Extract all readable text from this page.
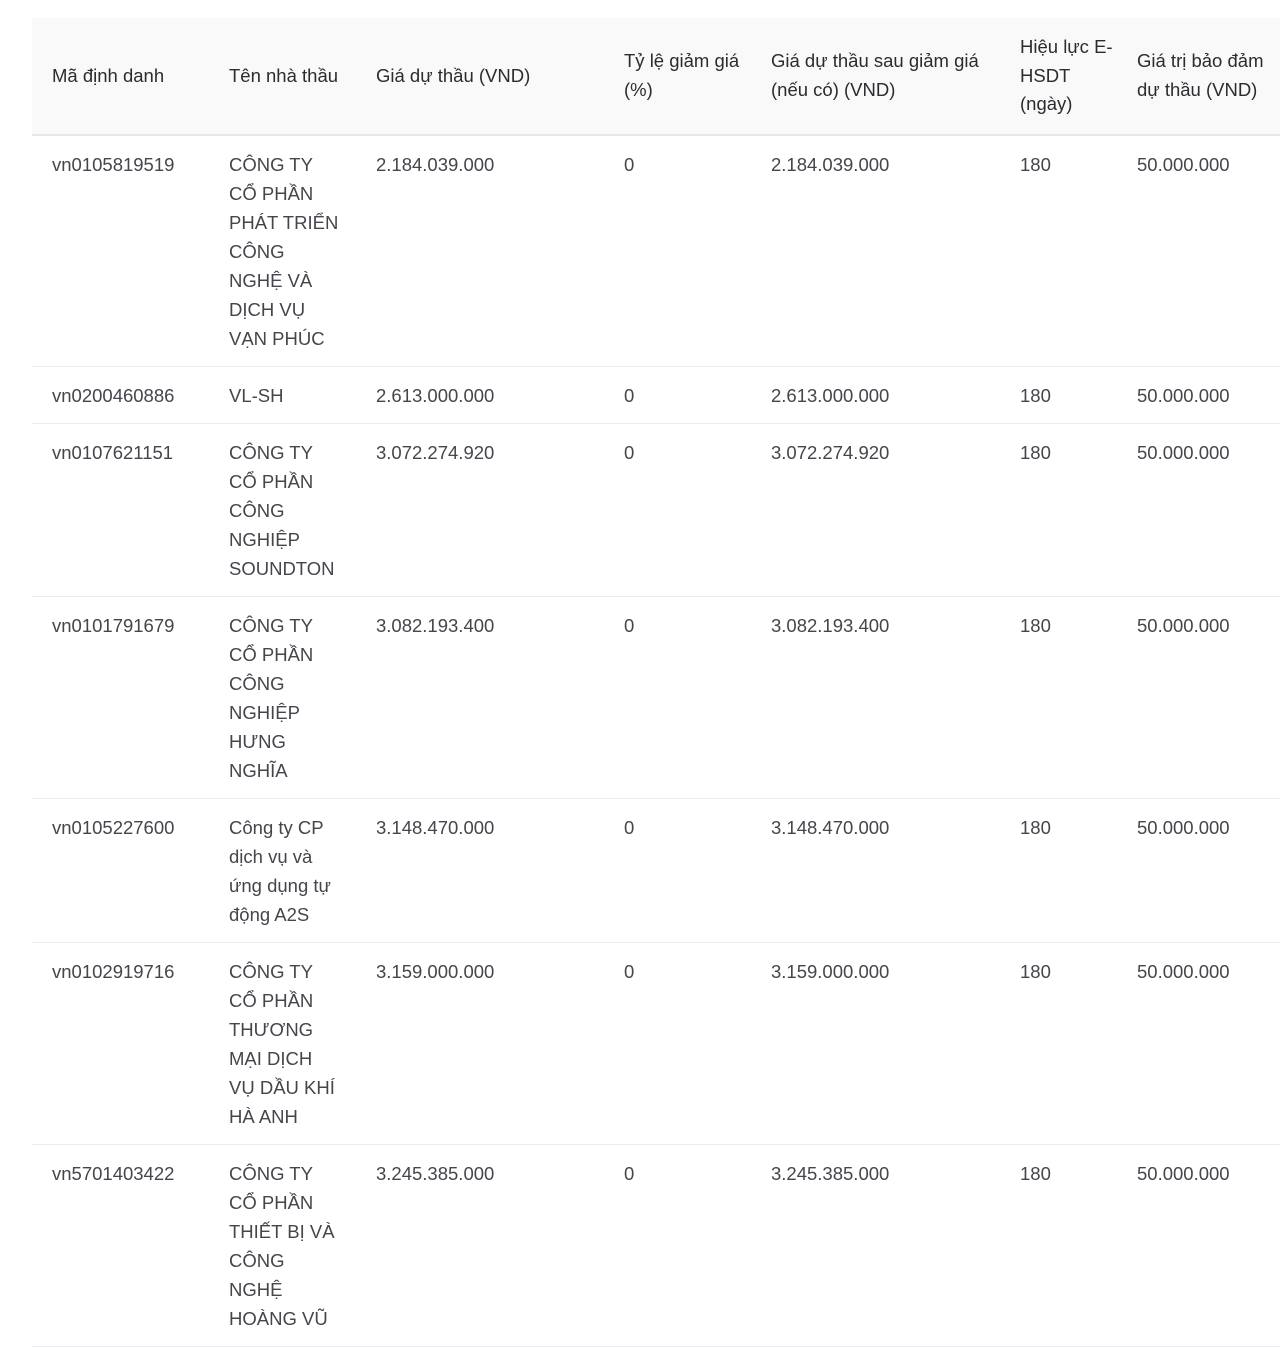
Mã định danh	Tên nhà thầu	Giá dự thầu (VND)	Tỷ lệ giảm giá (%)	Giá dự thầu sau giảm giá (nếu có) (VND)	Hiệu lực E-HSDT (ngày)	Giá trị bảo đảm dự thầu (VND)
vn0105819519	CÔNG TY CỔ PHẦN PHÁT TRIỂN CÔNG NGHỆ VÀ DỊCH VỤ VẠN PHÚC	2.184.039.000	0	2.184.039.000	180	50.000.000
vn0200460886	VL-SH	2.613.000.000	0	2.613.000.000	180	50.000.000
vn0107621151	CÔNG TY CỔ PHẦN CÔNG NGHIỆP SOUNDTON	3.072.274.920	0	3.072.274.920	180	50.000.000
vn0101791679	CÔNG TY CỔ PHẦN CÔNG NGHIỆP HƯNG NGHĨA	3.082.193.400	0	3.082.193.400	180	50.000.000
vn0105227600	Công ty CP dịch vụ và ứng dụng tự động A2S	3.148.470.000	0	3.148.470.000	180	50.000.000
vn0102919716	CÔNG TY CỔ PHẦN THƯƠNG MẠI DỊCH VỤ DẦU KHÍ HÀ ANH	3.159.000.000	0	3.159.000.000	180	50.000.000
vn5701403422	CÔNG TY CỔ PHẦN THIẾT BỊ VÀ CÔNG NGHỆ HOÀNG VŨ	3.245.385.000	0	3.245.385.000	180	50.000.000
